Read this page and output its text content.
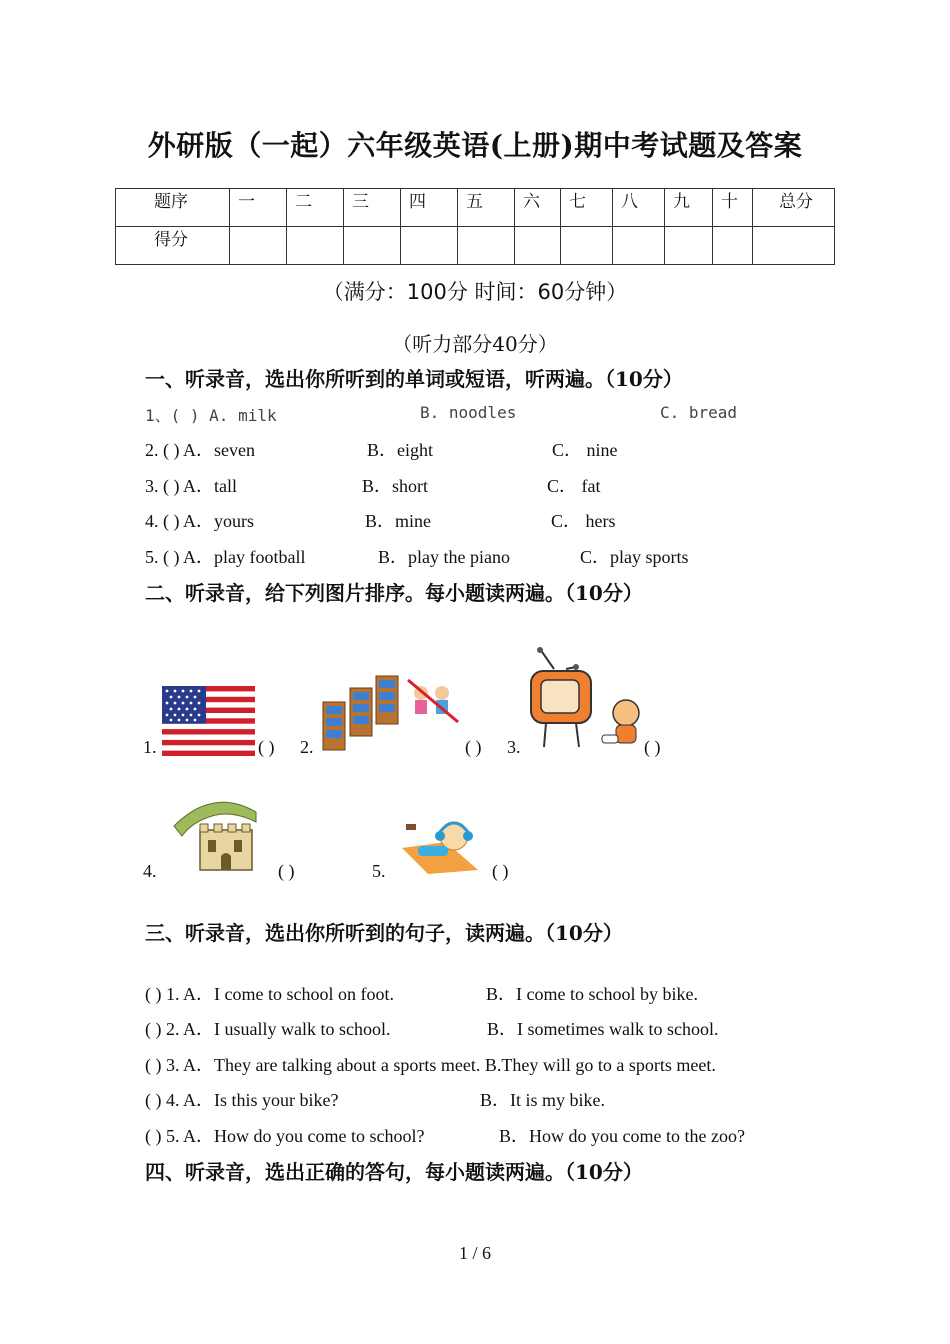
外研版（一起）六年级英语(上册)期中考试题及答案
题序	一	二	三	四	五	六	七	八	九	十	总分
得分											
（满分：100分 时间：60分钟）
（听力部分40分）
一、听录音，选出你所听到的单词或短语，听两遍。（10分）
1、( ) A. milk	B. noodles	C. bread
2. ( ) A．seven	B．eight	C． nine
3. ( ) A．tall	B．short	C． fat
4. ( ) A．yours	B．mine	C． hers
5. ( ) A．play football	B．play the piano	C．play sports
二、听录音，给下列图片排序。每小题读两遍。（10分）
1.	( ) 2.	( ) 3.	( )
4.	( )	5.	( )
三、听录音，选出你所听到的句子，读两遍。（10分）
( ) 1. A．I come to school on foot.	B．I come to school by bike.
( ) 2. A．I usually walk to school.	B．I sometimes walk to school.
( ) 3. A．They are talking about a sports meet. B.They will go to a sports meet.
( ) 4. A．Is this your bike?	B．It is my bike.
( ) 5. A．How do you come to school?	B．How do you come to the zoo?
四、听录音，选出正确的答句，每小题读两遍。（10分）
1 / 6
